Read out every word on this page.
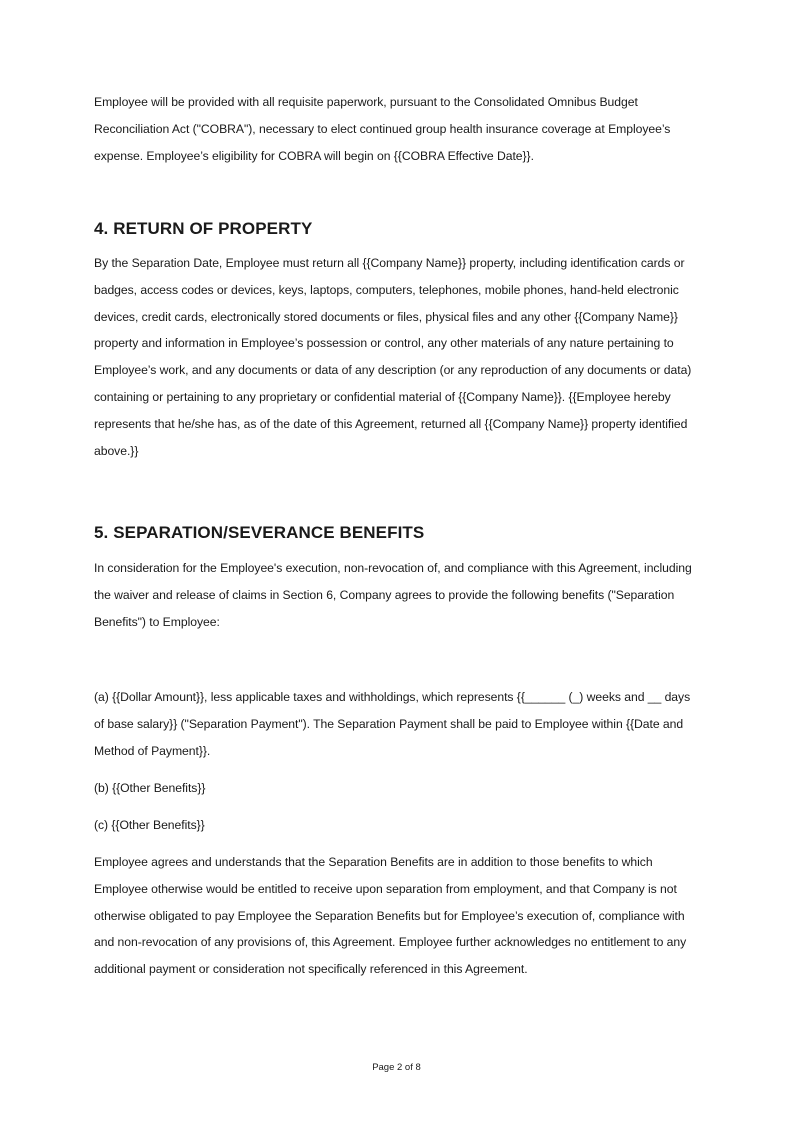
Employee will be provided with all requisite paperwork, pursuant to the Consolidated Omnibus Budget Reconciliation Act ("COBRA"), necessary to elect continued group health insurance coverage at Employee’s expense. Employee’s eligibility for COBRA will begin on {{COBRA Effective Date}}.

4. RETURN OF PROPERTY

By the Separation Date, Employee must return all {{Company Name}} property, including identification cards or badges, access codes or devices, keys, laptops, computers, telephones, mobile phones, hand-held electronic devices, credit cards, electronically stored documents or files, physical files and any other {{Company Name}} property and information in Employee’s possession or control, any other materials of any nature pertaining to Employee’s work, and any documents or data of any description (or any reproduction of any documents or data) containing or pertaining to any proprietary or confidential material of {{Company Name}}. {{Employee hereby represents that he/she has, as of the date of this Agreement, returned all {{Company Name}} property identified above.}}

5. SEPARATION/SEVERANCE BENEFITS

In consideration for the Employee's execution, non-revocation of, and compliance with this Agreement, including the waiver and release of claims in Section 6, Company agrees to provide the following benefits ("Separation Benefits") to Employee:

(a) {{Dollar Amount}}, less applicable taxes and withholdings, which represents {{______ (_) weeks and __ days of base salary}} ("Separation Payment"). The Separation Payment shall be paid to Employee within {{Date and Method of Payment}}.

(b) {{Other Benefits}}

(c) {{Other Benefits}}

Employee agrees and understands that the Separation Benefits are in addition to those benefits to which Employee otherwise would be entitled to receive upon separation from employment, and that Company is not otherwise obligated to pay Employee the Separation Benefits but for Employee’s execution of, compliance with and non-revocation of any provisions of, this Agreement. Employee further acknowledges no entitlement to any additional payment or consideration not specifically referenced in this Agreement.

Page 2 of 8
